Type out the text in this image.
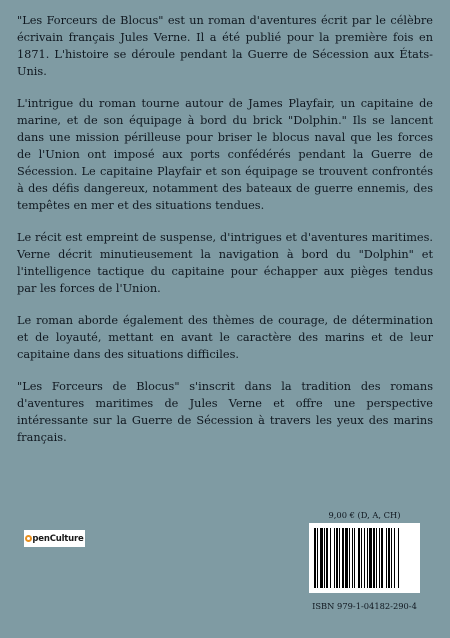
"Les Forceurs de Blocus" est un roman d'aventures écrit par le célèbre écrivain français Jules Verne. Il a été publié pour la première fois en 1871. L'histoire se déroule pendant la Guerre de Sécession aux États-Unis.

L'intrigue du roman tourne autour de James Playfair, un capitaine de marine, et de son équipage à bord du brick "Dolphin." Ils se lancent dans une mission périlleuse pour briser le blocus naval que les forces de l'Union ont imposé aux ports confédérés pendant la Guerre de Sécession. Le capitaine Playfair et son équipage se trouvent confrontés à des défis dangereux, notamment des bateaux de guerre ennemis, des tempêtes en mer et des situations tendues.

Le récit est empreint de suspense, d'intrigues et d'aventures maritimes. Verne décrit minutieusement la navigation à bord du "Dolphin" et l'intelligence tactique du capitaine pour échapper aux pièges tendus par les forces de l'Union.

Le roman aborde également des thèmes de courage, de détermination et de loyauté, mettant en avant le caractère des marins et de leur capitaine dans des situations difficiles.

"Les Forceurs de Blocus" s'inscrit dans la tradition des romans d'aventures maritimes de Jules Verne et offre une perspective intéressante sur la Guerre de Sécession à travers les yeux des marins français.

penCulture
9,00 € (D, A, CH)
ISBN 979-1-04182-290-4
